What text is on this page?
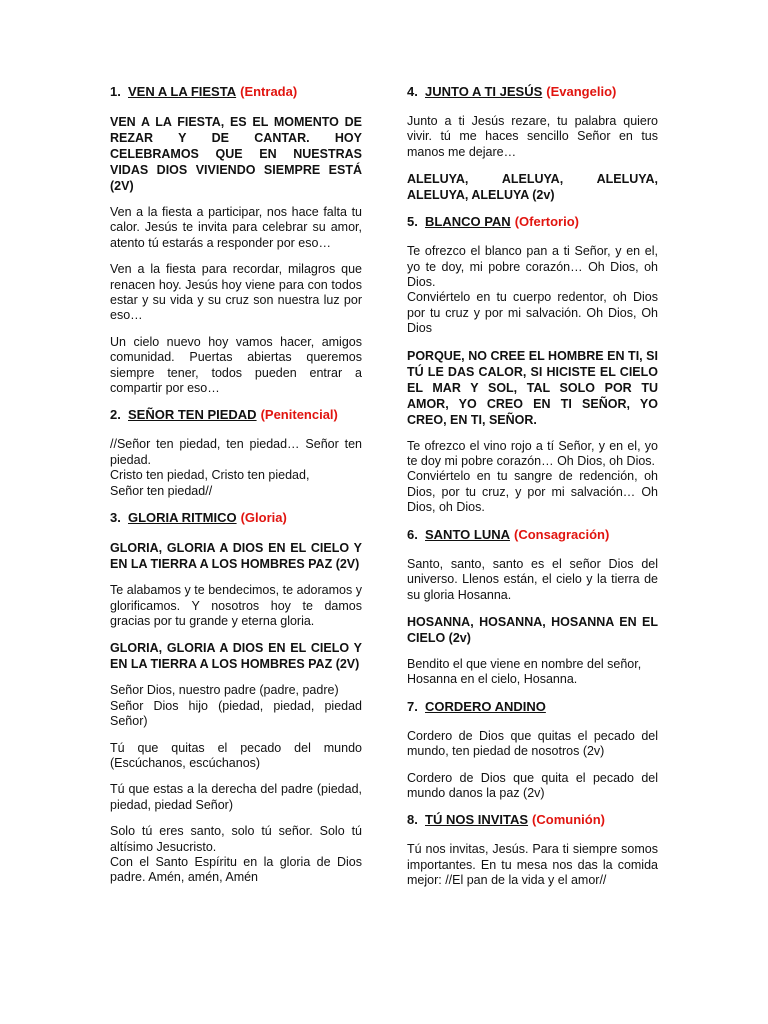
1. VEN A LA FIESTA (Entrada)
VEN A LA FIESTA, ES EL MOMENTO DE REZAR Y DE CANTAR. HOY CELEBRAMOS QUE EN NUESTRAS VIDAS DIOS VIVIENDO SIEMPRE ESTÁ (2V)
Ven a la fiesta a participar, nos hace falta tu calor. Jesús te invita para celebrar su amor, atento tú estarás a responder por eso…
Ven a la fiesta para recordar, milagros que renacen hoy. Jesús hoy viene para con todos estar y su vida y su cruz son nuestra luz por eso…
Un cielo nuevo hoy vamos hacer, amigos comunidad. Puertas abiertas queremos siempre tener, todos pueden entrar a compartir por eso…
2. SEÑOR TEN PIEDAD (Penitencial)
//Señor ten piedad, ten piedad… Señor ten piedad.
Cristo ten piedad, Cristo ten piedad,
Señor ten piedad//
3. GLORIA RITMICO (Gloria)
GLORIA, GLORIA A DIOS EN EL CIELO Y EN LA TIERRA A LOS HOMBRES PAZ (2V)
Te alabamos y te bendecimos, te adoramos y glorificamos. Y nosotros hoy te damos gracias por tu grande y eterna gloria.
GLORIA, GLORIA A DIOS EN EL CIELO Y EN LA TIERRA A LOS HOMBRES PAZ (2V)
Señor Dios, nuestro padre (padre, padre)
Señor Dios hijo (piedad, piedad, piedad Señor)
Tú que quitas el pecado del mundo (Escúchanos, escúchanos)
Tú que estas a la derecha del padre (piedad, piedad, piedad Señor)
Solo tú eres santo, solo tú señor. Solo tú altísimo Jesucristo.
Con el Santo Espíritu en la gloria de Dios padre. Amén, amén, Amén
4. JUNTO A TI JESÚS (Evangelio)
Junto a ti Jesús rezare, tu palabra quiero vivir. tú me haces sencillo Señor en tus manos me dejare…
ALELUYA, ALELUYA, ALELUYA, ALELUYA, ALELUYA (2v)
5. BLANCO PAN (Ofertorio)
Te ofrezco el blanco pan a ti Señor, y en el, yo te doy, mi pobre corazón… Oh Dios, oh Dios.
Conviértelo en tu cuerpo redentor, oh Dios por tu cruz y por mi salvación. Oh Dios, Oh Dios
PORQUE, NO CREE EL HOMBRE EN TI, SI TÚ LE DAS CALOR, SI HICISTE EL CIELO EL MAR Y SOL, TAL SOLO POR TU AMOR, YO CREO EN TI SEÑOR, YO CREO, EN TI, SEÑOR.
Te ofrezco el vino rojo a tí Señor, y en el, yo te doy mi pobre corazón… Oh Dios, oh Dios.
Conviértelo en tu sangre de redención, oh Dios, por tu cruz, y por mi salvación… Oh Dios, oh Dios.
6. SANTO LUNA (Consagración)
Santo, santo, santo es el señor Dios del universo. Llenos están, el cielo y la tierra de su gloria Hosanna.
HOSANNA, HOSANNA, HOSANNA EN EL CIELO (2v)
Bendito el que viene en nombre del señor,
Hosanna en el cielo, Hosanna.
7. CORDERO ANDINO
Cordero de Dios que quitas el pecado del mundo, ten piedad de nosotros (2v)
Cordero de Dios que quita el pecado del mundo danos la paz (2v)
8. TÚ NOS INVITAS (Comunión)
Tú nos invitas, Jesús. Para ti siempre somos importantes. En tu mesa nos das la comida mejor: //El pan de la vida y el amor//
